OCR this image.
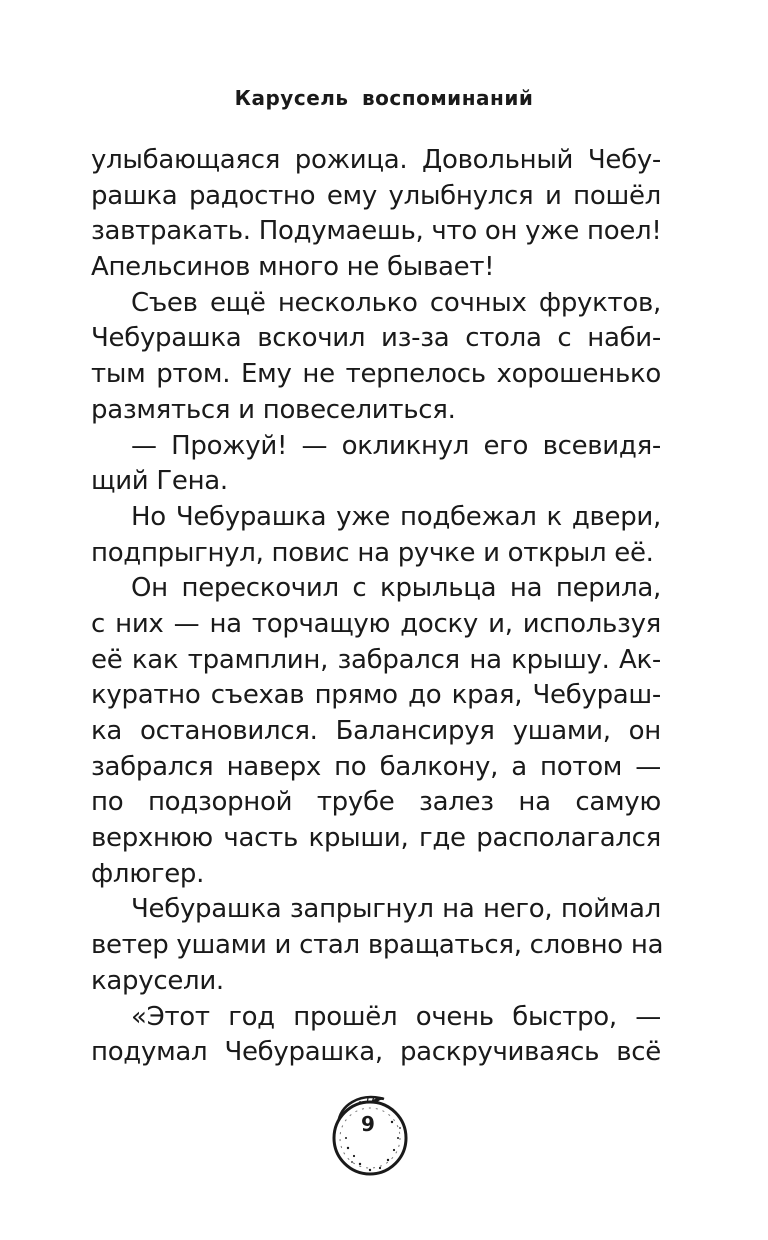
Карусель воспоминаний
улыбающаяся рожица. Довольный Чебу-
рашка радостно ему улыбнулся и пошёл
завтракать. Подумаешь, что он уже поел!
Апельсинов много не бывает!
Съев ещё несколько сочных фруктов,
Чебурашка вскочил из-за стола с наби-
тым ртом. Ему не терпелось хорошенько
размяться и повеселиться.
— Прожуй! — окликнул его всевидя-
щий Гена.
Но Чебурашка уже подбежал к двери,
подпрыгнул, повис на ручке и открыл её.
Он перескочил с крыльца на перила,
с них — на торчащую доску и, используя
её как трамплин, забрался на крышу. Ак-
куратно съехав прямо до края, Чебураш-
ка остановился. Балансируя ушами, он
забрался наверх по балкону, а потом —
по подзорной трубе залез на самую
верхнюю часть крыши, где располагался
флюгер.
Чебурашка запрыгнул на него, поймал
ветер ушами и стал вращаться, словно на
карусели.
«Этот год прошёл очень быстро, —
подумал Чебурашка, раскручиваясь всё
9
